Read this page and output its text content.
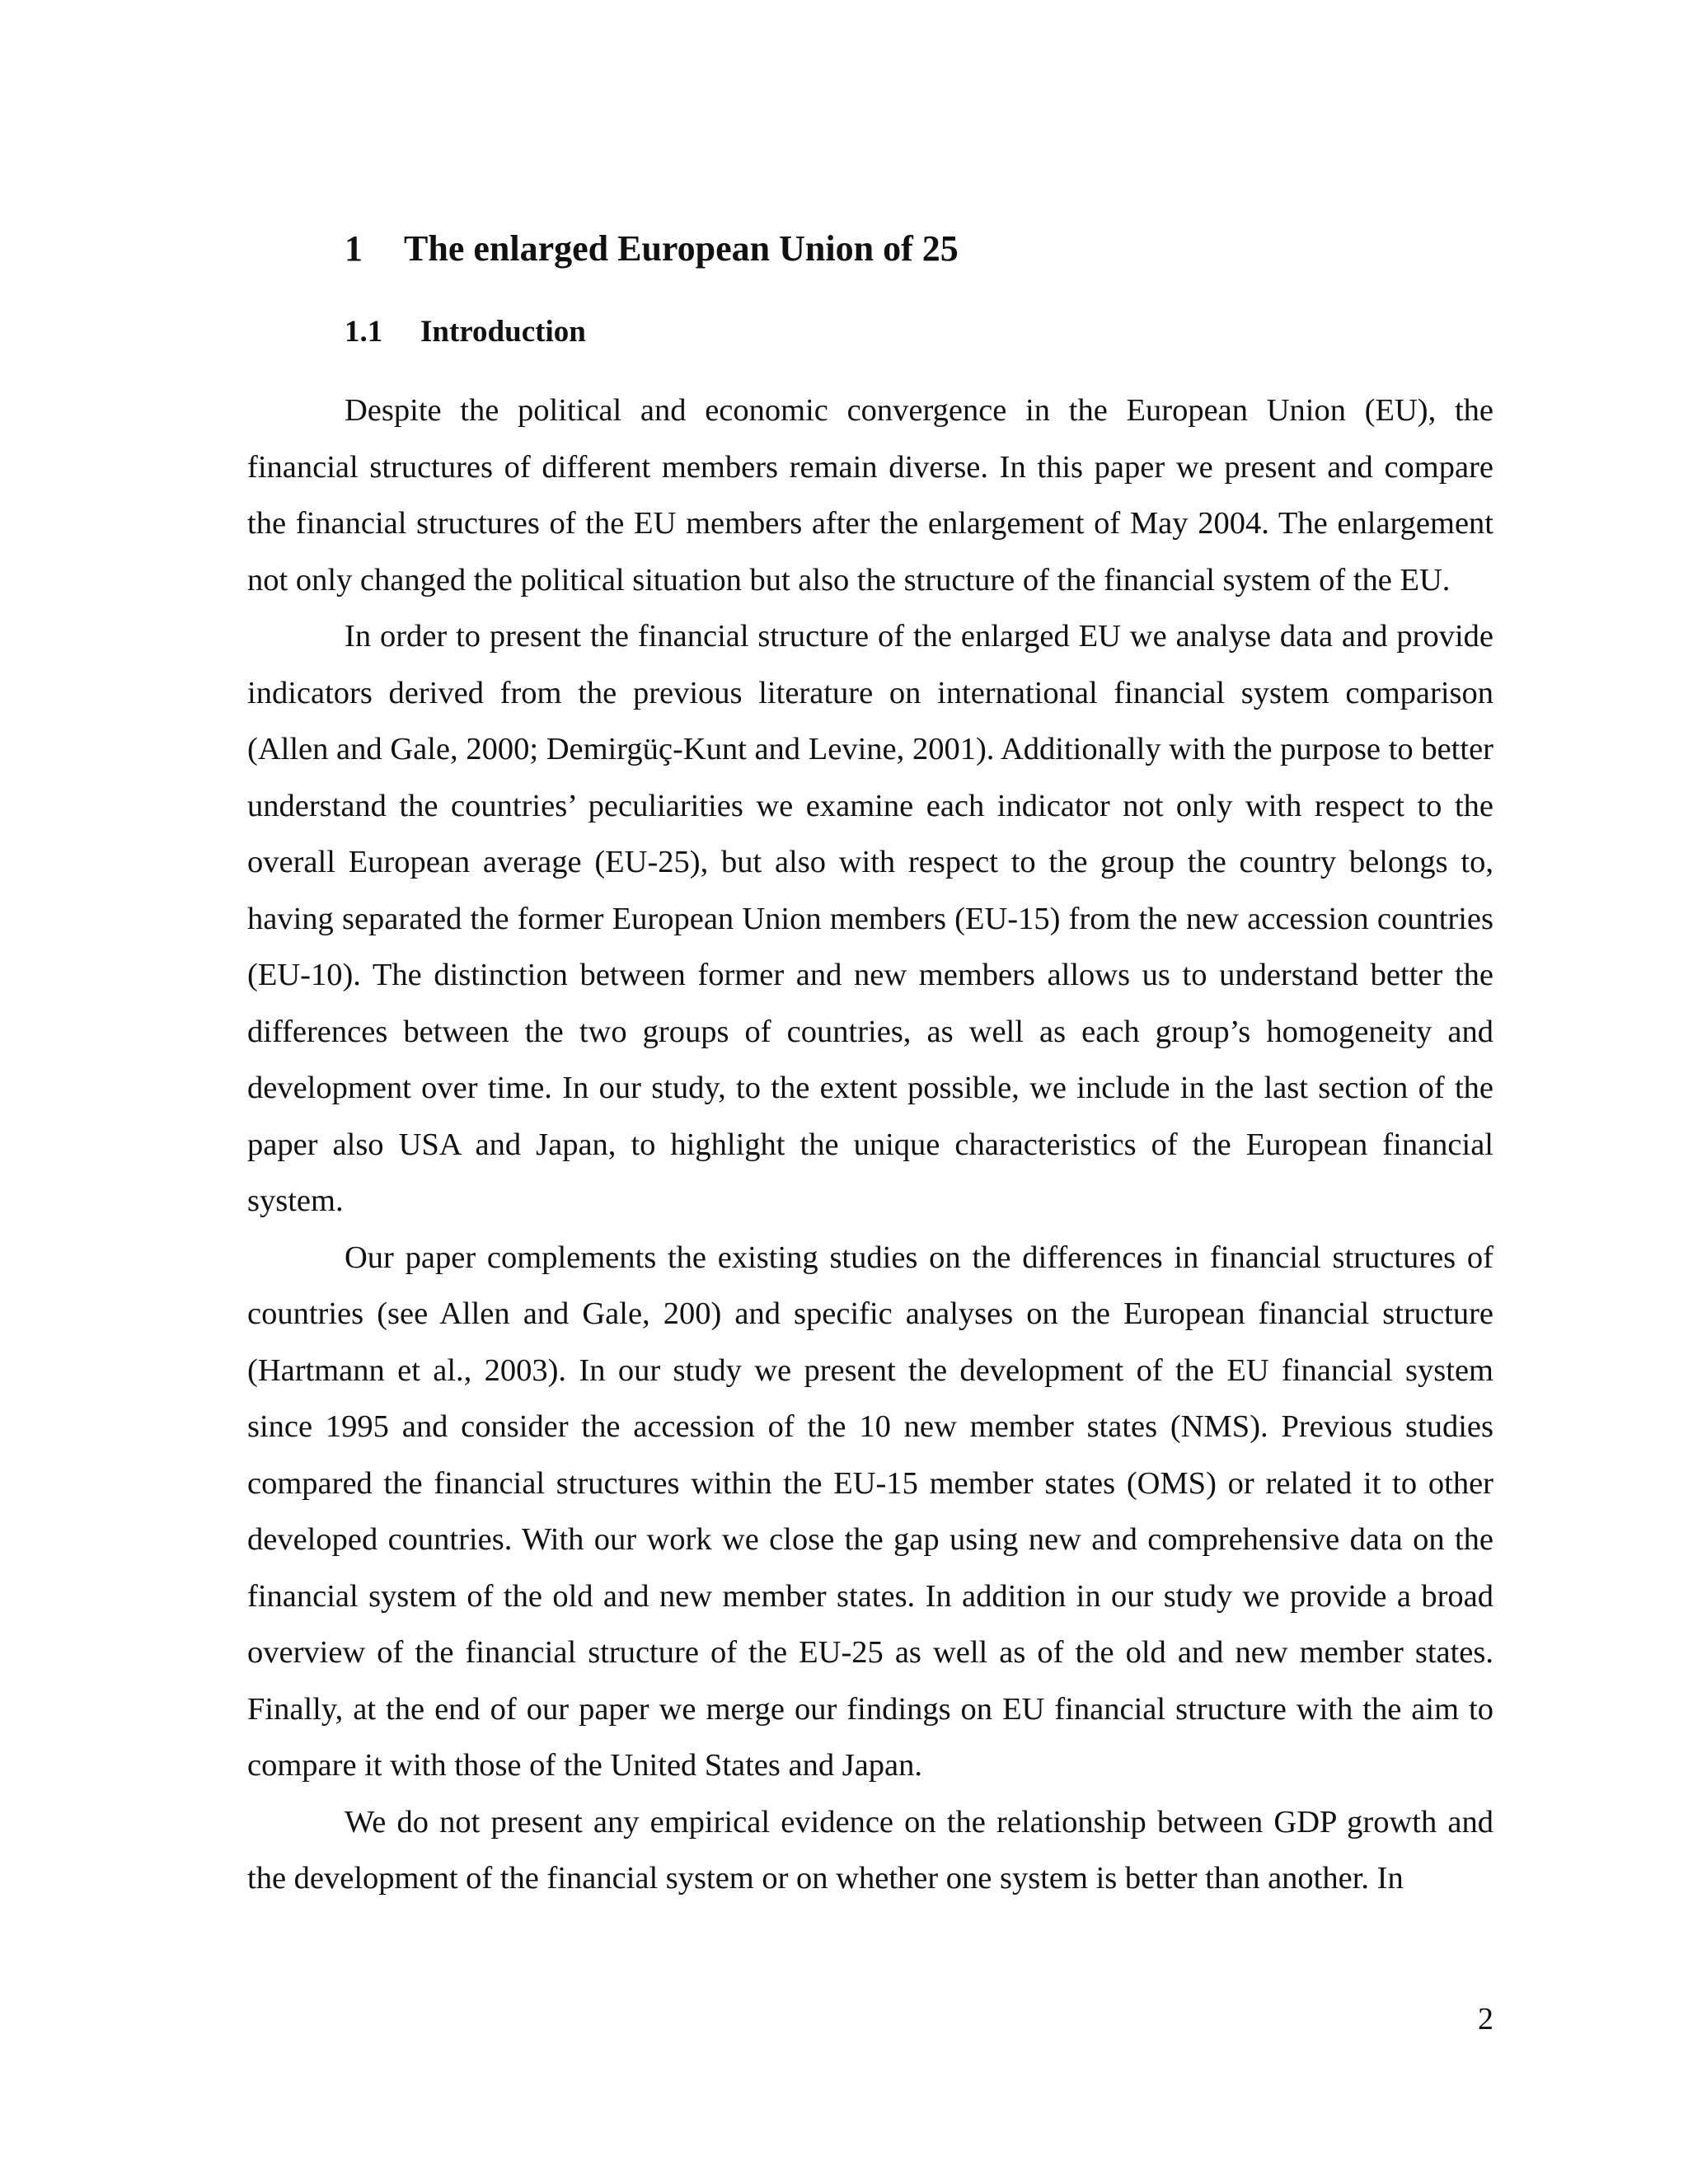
1 The enlarged European Union of 25
1.1 Introduction

Despite the political and economic convergence in the European Union (EU), the financial structures of different members remain diverse. In this paper we present and compare the financial structures of the EU members after the enlargement of May 2004. The enlargement not only changed the political situation but also the structure of the financial system of the EU.

In order to present the financial structure of the enlarged EU we analyse data and provide indicators derived from the previous literature on international financial system comparison (Allen and Gale, 2000; Demirgüç-Kunt and Levine, 2001). Additionally with the purpose to better understand the countries’ peculiarities we examine each indicator not only with respect to the overall European average (EU-25), but also with respect to the group the country belongs to, having separated the former European Union members (EU-15) from the new accession countries (EU-10). The distinction between former and new members allows us to understand better the differences between the two groups of countries, as well as each group’s homogeneity and development over time. In our study, to the extent possible, we include in the last section of the paper also USA and Japan, to highlight the unique characteristics of the European financial system.

Our paper complements the existing studies on the differences in financial structures of countries (see Allen and Gale, 200) and specific analyses on the European financial structure (Hartmann et al., 2003). In our study we present the development of the EU financial system since 1995 and consider the accession of the 10 new member states (NMS). Previous studies compared the financial structures within the EU-15 member states (OMS) or related it to other developed countries. With our work we close the gap using new and comprehensive data on the financial system of the old and new member states. In addition in our study we provide a broad overview of the financial structure of the EU-25 as well as of the old and new member states. Finally, at the end of our paper we merge our findings on EU financial structure with the aim to compare it with those of the United States and Japan.

We do not present any empirical evidence on the relationship between GDP growth and the development of the financial system or on whether one system is better than another. In

2
